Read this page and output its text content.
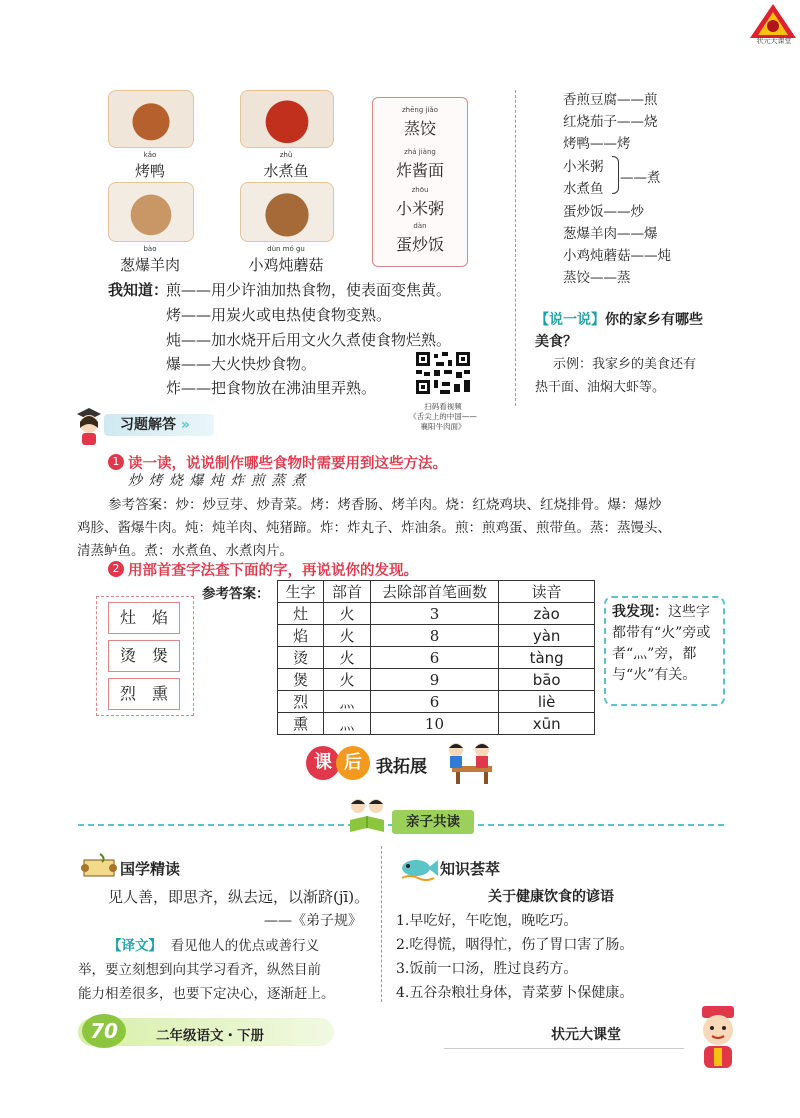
状元大课堂
kǎo
烤鸭
zhǔ
水煮鱼
bào
葱爆羊肉
dùn mó gu
小鸡炖蘑菇
zhēng jiǎo
蒸饺
zhá jiàng
炸酱面
zhōu
小米粥
dàn
蛋炒饭
我知道：
煎——用少许油加热食物，使表面变焦黄。
烤——用炭火或电热使食物变熟。
炖——加水烧开后用文火久煮使食物烂熟。
爆——大火快炒食物。
炸——把食物放在沸油里弄熟。
扫码看视频
《舌尖上的中国——
襄阳牛肉面》
香煎豆腐——煎
红烧茄子——烧
烤鸭——烤
小米粥
水煮鱼
——煮
蛋炒饭——炒
葱爆羊肉——爆
小鸡炖蘑菇——炖
蒸饺——蒸
【说一说】你的家乡有哪些
美食？
示例：我家乡的美食还有
热干面、油焖大虾等。
习题解答 »
1 读一读，说说制作哪些食物时需要用到这些方法。
炒 烤 烧 爆 炖 炸 煎 蒸 煮
参考答案：炒：炒豆芽、炒青菜。烤：烤香肠、烤羊肉。烧：红烧鸡块、红烧排骨。爆：爆炒
鸡胗、酱爆牛肉。炖：炖羊肉、炖猪蹄。炸：炸丸子、炸油条。煎：煎鸡蛋、煎带鱼。蒸：蒸馒头、
清蒸鲈鱼。煮：水煮鱼、水煮肉片。
2 用部首查字法查下面的字，再说说你的发现。
参考答案：
灶　焰
烫　煲
烈　熏
生字	部首	去除部首笔画数	读音
灶	火	3	zào
焰	火	8	yàn
烫	火	6	tàng
煲	火	9	bāo
烈	灬	6	liè
熏	灬	10	xūn
我发现：这些字都带有“火”旁或者“灬”旁，都与“火”有关。
课 后 我拓展
亲子共读
国学精读
见人善，即思齐，纵去远，以渐跻(jī)。
——《弟子规》
【译文】 看见他人的优点或善行义
举，要立刻想到向其学习看齐，纵然目前
能力相差很多，也要下定决心，逐渐赶上。
知识荟萃
关于健康饮食的谚语
1.早吃好，午吃饱，晚吃巧。
2.吃得慌，咽得忙，伤了胃口害了肠。
3.饭前一口汤，胜过良药方。
4.五谷杂粮壮身体，青菜萝卜保健康。
70	二年级语文・下册	状元大课堂
